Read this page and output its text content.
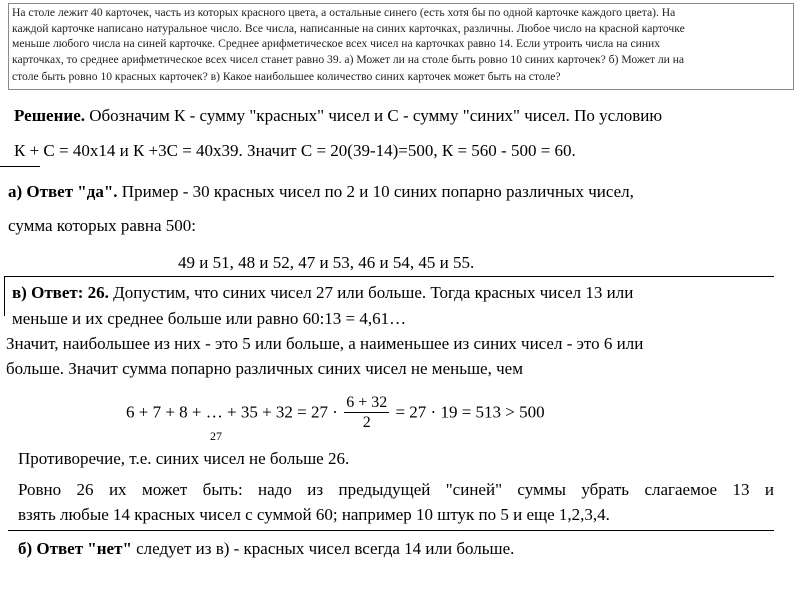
На столе лежит 40 карточек, часть из которых красного цвета, а остальные синего (есть хотя бы по одной карточке каждого цвета). На
каждой карточке написано натуральное число. Все числа, написанные на синих карточках, различны. Любое число на красной карточке
меньше любого числа на синей карточке. Среднее арифметическое всех чисел на карточках равно 14. Если утроить числа на синих
карточках, то среднее арифметическое всех чисел станет равно 39. а) Может ли на столе быть ровно 10 синих карточек? б) Может ли на
столе быть ровно 10 красных карточек? в) Какое наибольшее количество синих карточек может быть на столе?
Решение. Обозначим К - сумму "красных" чисел и С - сумму "синих" чисел. По условию
К + С = 40х14 и К +3С = 40х39. Значит С = 20(39-14)=500, К = 560 - 500 = 60.
а) Ответ "да". Пример - 30 красных чисел по 2 и 10 синих попарно различных чисел,
сумма которых равна 500:
49 и 51, 48 и 52, 47 и 53, 46 и 54, 45 и 55.
в) Ответ: 26. Допустим, что синих чисел 27 или больше. Тогда красных чисел 13 или
меньше и их среднее больше или равно 60:13 = 4,61…
Значит, наибольшее из них - это 5 или больше, а наименьшее из синих чисел - это 6 или
больше. Значит сумма попарно различных синих чисел не меньше, чем
6 + 7 + 8 + … + $35 + 32 = 27 \cdot \frac{6 + 32}{2} = 27 \cdot 19 = 513 > 500$
27
Противоречие, т.е. синих чисел не больше 26.
Ровно 26 их может быть: надо из предыдущей "синей" суммы убрать слагаемое 13 и
взять любые 14 красных чисел с суммой 60; например 10 штук по 5 и еще 1,2,3,4.
б) Ответ "нет" следует из в) - красных чисел всегда 14 или больше.
